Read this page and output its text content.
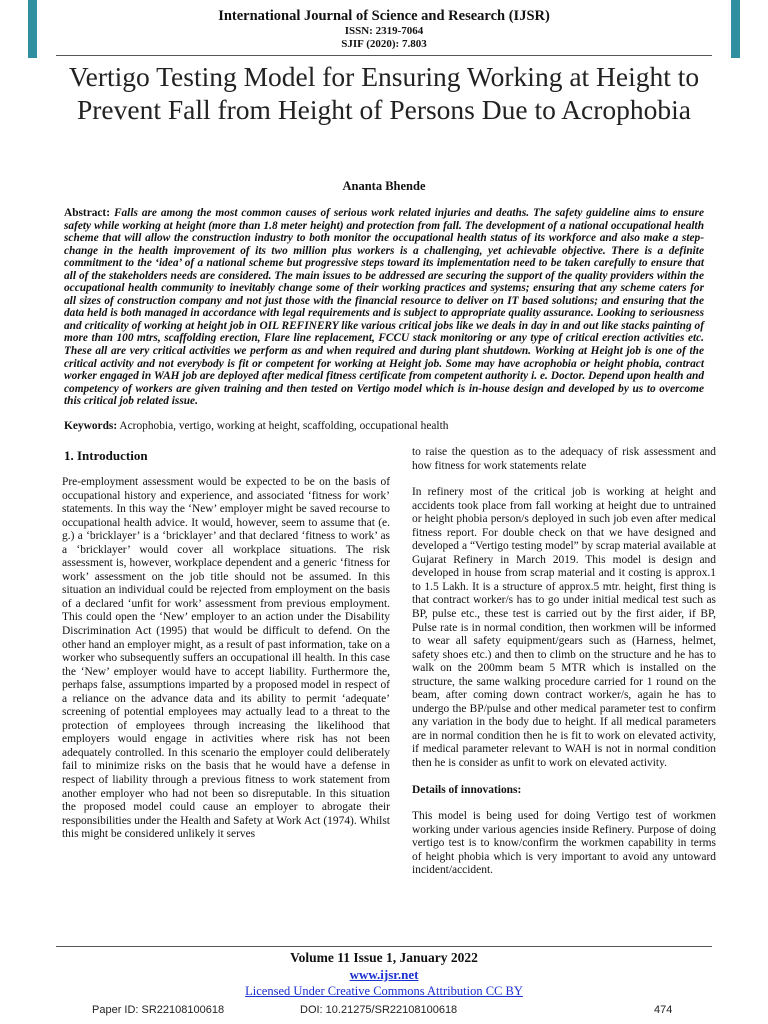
International Journal of Science and Research (IJSR)
ISSN: 2319-7064
SJIF (2020): 7.803
Vertigo Testing Model for Ensuring Working at Height to Prevent Fall from Height of Persons Due to Acrophobia
Ananta Bhende
Abstract: Falls are among the most common causes of serious work related injuries and deaths. The safety guideline aims to ensure safety while working at height (more than 1.8 meter height) and protection from fall. The development of a national occupational health scheme that will allow the construction industry to both monitor the occupational health status of its workforce and also make a step-change in the health improvement of its two million plus workers is a challenging, yet achievable objective. There is a definite commitment to the ‘idea’ of a national scheme but progressive steps toward its implementation need to be taken carefully to ensure that all of the stakeholders needs are considered. The main issues to be addressed are securing the support of the quality providers within the occupational health community to inevitably change some of their working practices and systems; ensuring that any scheme caters for all sizes of construction company and not just those with the financial resource to deliver on IT based solutions; and ensuring that the data held is both managed in accordance with legal requirements and is subject to appropriate quality assurance. Looking to seriousness and criticality of working at height job in OIL REFINERY like various critical jobs like we deals in day in and out like stacks painting of more than 100 mtrs, scaffolding erection, Flare line replacement, FCCU stack monitoring or any type of critical erection activities etc. These all are very critical activities we perform as and when required and during plant shutdown. Working at Height job is one of the critical activity and not everybody is fit or competent for working at Height job. Some may have acrophobia or height phobia, contract worker engaged in WAH job are deployed after medical fitness certificate from competent authority i. e. Doctor. Depend upon health and competency of workers are given training and then tested on Vertigo model which is in-house design and developed by us to overcome this critical job related issue.
Keywords: Acrophobia, vertigo, working at height, scaffolding, occupational health
1. Introduction

Pre-employment assessment would be expected to be on the basis of occupational history and experience, and associated ‘fitness for work’ statements. In this way the ‘New’ employer might be saved recourse to occupational health advice. It would, however, seem to assume that (e. g.) a ‘bricklayer’ is a ‘bricklayer’ and that declared ‘fitness to work’ as a ‘bricklayer’ would cover all workplace situations. The risk assessment is, however, workplace dependent and a generic ‘fitness for work’ assessment on the job title should not be assumed. In this situation an individual could be rejected from employment on the basis of a declared ‘unfit for work’ assessment from previous employment. This could open the ‘New’ employer to an action under the Disability Discrimination Act (1995) that would be difficult to defend. On the other hand an employer might, as a result of past information, take on a worker who subsequently suffers an occupational ill health. In this case the ‘New’ employer would have to accept liability. Furthermore the, perhaps false, assumptions imparted by a proposed model in respect of a reliance on the advance data and its ability to permit ‘adequate’ screening of potential employees may actually lead to a threat to the protection of employees through increasing the likelihood that employers would engage in activities where risk has not been adequately controlled. In this scenario the employer could deliberately fail to minimize risks on the basis that he would have a defense in respect of liability through a previous fitness to work statement from another employer who had not been so disreputable. In this situation the proposed model could cause an employer to abrogate their responsibilities under the Health and Safety at Work Act (1974). Whilst this might be considered unlikely it serves

to raise the question as to the adequacy of risk assessment and how fitness for work statements relate

In refinery most of the critical job is working at height and accidents took place from fall working at height due to untrained or height phobia person/s deployed in such job even after medical fitness report. For double check on that we have designed and developed a “Vertigo testing model” by scrap material available at Gujarat Refinery in March 2019. This model is design and developed in house from scrap material and it costing is approx.1 to 1.5 Lakh. It is a structure of approx.5 mtr. height, first thing is that contract worker/s has to go under initial medical test such as BP, pulse etc., these test is carried out by the first aider, if BP, Pulse rate is in normal condition, then workmen will be informed to wear all safety equipment/gears such as (Harness, helmet, safety shoes etc.) and then to climb on the structure and he has to walk on the 200mm beam 5 MTR which is installed on the structure, the same walking procedure carried for 1 round on the beam, after coming down contract worker/s, again he has to undergo the BP/pulse and other medical parameter test to confirm any variation in the body due to height. If all medical parameters are in normal condition then he is fit to work on elevated activity, if medical parameter relevant to WAH is not in normal condition then he is consider as unfit to work on elevated activity.

Details of innovations:

This model is being used for doing Vertigo test of workmen working under various agencies inside Refinery. Purpose of doing vertigo test is to know/confirm the workmen capability in terms of height phobia which is very important to avoid any untoward incident/accident.

Volume 11 Issue 1, January 2022
www.ijsr.net
Licensed Under Creative Commons Attribution CC BY
Paper ID: SR22108100618	DOI: 10.21275/SR22108100618	474
